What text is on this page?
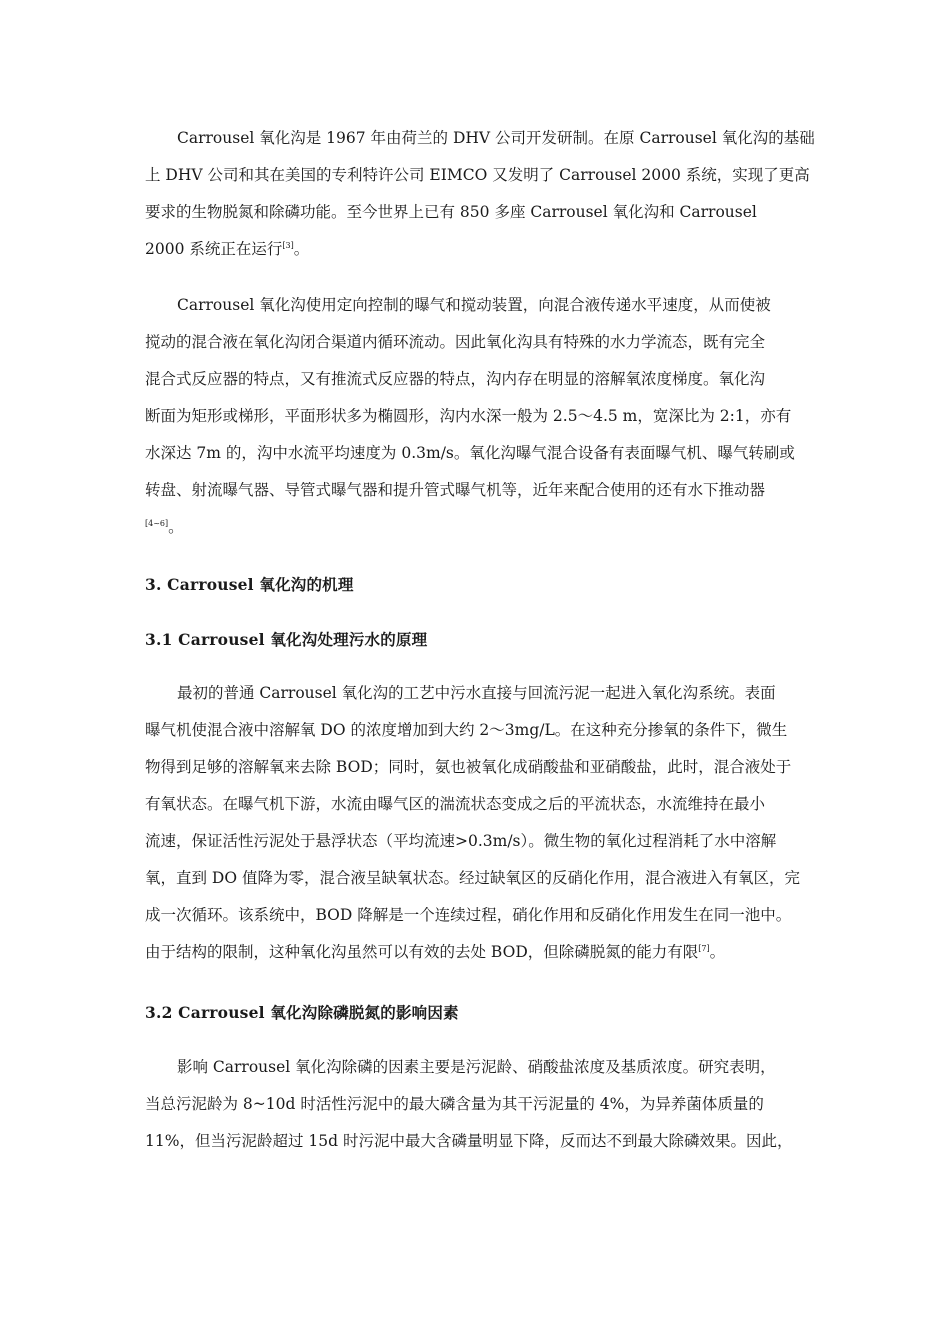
Carrousel 氧化沟是 1967 年由荷兰的 DHV 公司开发研制。在原 Carrousel 氧化沟的基础
上 DHV 公司和其在美国的专利特许公司 EIMCO 又发明了 Carrousel 2000 系统，实现了更高
要求的生物脱氮和除磷功能。至今世界上已有 850 多座 Carrousel 氧化沟和 Carrousel
2000 系统正在运行[3]。
Carrousel 氧化沟使用定向控制的曝气和搅动装置，向混合液传递水平速度，从而使被
搅动的混合液在氧化沟闭合渠道内循环流动。因此氧化沟具有特殊的水力学流态，既有完全
混合式反应器的特点，又有推流式反应器的特点，沟内存在明显的溶解氧浓度梯度。氧化沟
断面为矩形或梯形，平面形状多为椭圆形，沟内水深一般为 2.5～4.5 m，宽深比为 2:1，亦有
水深达 7m 的，沟中水流平均速度为 0.3m/s。氧化沟曝气混合设备有表面曝气机、曝气转刷或
转盘、射流曝气器、导管式曝气器和提升管式曝气机等，近年来配合使用的还有水下推动器
[4~6]。
3. Carrousel 氧化沟的机理
3.1 Carrousel 氧化沟处理污水的原理
最初的普通 Carrousel 氧化沟的工艺中污水直接与回流污泥一起进入氧化沟系统。表面
曝气机使混合液中溶解氧 DO 的浓度增加到大约 2～3mg/L。在这种充分掺氧的条件下，微生
物得到足够的溶解氧来去除 BOD；同时，氨也被氧化成硝酸盐和亚硝酸盐，此时，混合液处于
有氧状态。在曝气机下游，水流由曝气区的湍流状态变成之后的平流状态，水流维持在最小
流速，保证活性污泥处于悬浮状态（平均流速>0.3m/s）。微生物的氧化过程消耗了水中溶解
氧，直到 DO 值降为零，混合液呈缺氧状态。经过缺氧区的反硝化作用，混合液进入有氧区，完
成一次循环。该系统中，BOD 降解是一个连续过程，硝化作用和反硝化作用发生在同一池中。
由于结构的限制，这种氧化沟虽然可以有效的去处 BOD，但除磷脱氮的能力有限[7]。
3.2 Carrousel 氧化沟除磷脱氮的影响因素
影响 Carrousel 氧化沟除磷的因素主要是污泥龄、硝酸盐浓度及基质浓度。研究表明，
当总污泥龄为 8~10d 时活性污泥中的最大磷含量为其干污泥量的 4%，为异养菌体质量的
11%，但当污泥龄超过 15d 时污泥中最大含磷量明显下降，反而达不到最大除磷效果。因此，
